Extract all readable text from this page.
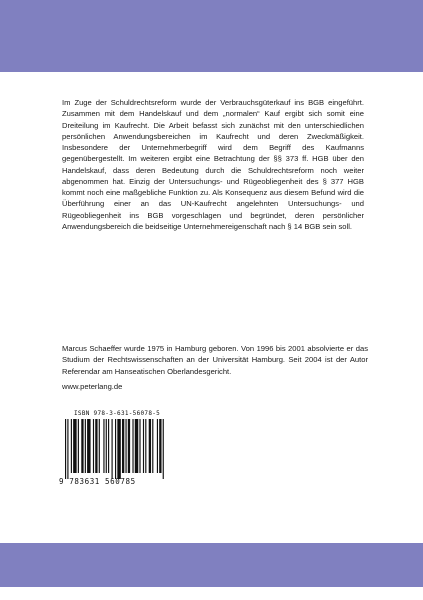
Im Zuge der Schuldrechtsreform wurde der Verbrauchsgüterkauf ins BGB eingeführt. Zusammen mit dem Handelskauf und dem „normalen“ Kauf ergibt sich somit eine Dreiteilung im Kaufrecht. Die Arbeit befasst sich zunächst mit den unterschiedlichen persönlichen Anwendungsbereichen im Kaufrecht und deren Zweckmäßigkeit. Insbesondere der Unternehmerbegriff wird dem Begriff des Kaufmanns gegenübergestellt. Im weiteren ergibt eine Betrachtung der §§ 373 ff. HGB über den Handelskauf, dass deren Bedeutung durch die Schuldrechtsreform noch weiter abgenommen hat. Einzig der Untersuchungs- und Rügeobliegenheit des § 377 HGB kommt noch eine maßgebliche Funktion zu. Als Konsequenz aus diesem Befund wird die Überführung einer an das UN-Kaufrecht angelehnten Untersuchungs- und Rügeobliegenheit ins BGB vorgeschlagen und begründet, deren persönlicher Anwendungsbereich die beidseitige Unternehmereigenschaft nach § 14 BGB sein soll.

Marcus Schaeffer wurde 1975 in Hamburg geboren. Von 1996 bis 2001 absolvierte er das Studium der Rechtswissenschaften an der Universität Hamburg. Seit 2004 ist der Autor Referendar am Hanseatischen Oberlandesgericht.

www.peterlang.de

ISBN 978-3-631-56078-5
9 783631 560785
